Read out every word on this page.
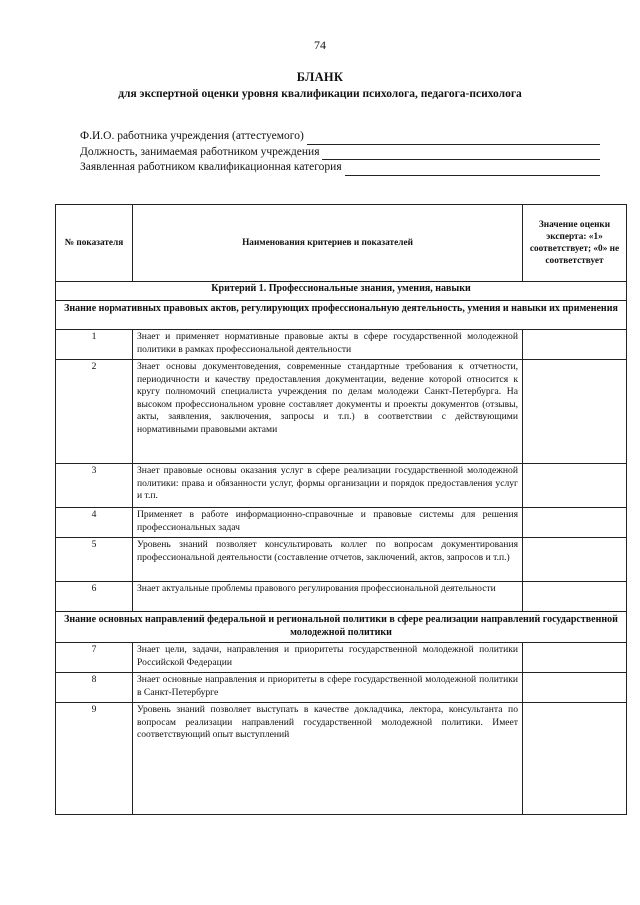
74
БЛАНК
для экспертной оценки уровня квалификации психолога, педагога-психолога
Ф.И.О. работника учреждения (аттестуемого)
Должность, занимаемая работником учреждения
Заявленная работником квалификационная категория
№ показателя	Наименования критериев и показателей	Значение оценки эксперта: «1» соответствует; «0» не соответствует
Критерий 1. Профессиональные знания, умения, навыки		
Знание нормативных правовых актов, регулирующих профессиональную деятельность, умения и навыки их применения		
1	Знает и применяет нормативные правовые акты в сфере государственной молодежной политики в рамках профессиональной деятельности	
2	Знает основы документоведения, современные стандартные требования к отчетности, периодичности и качеству предоставления документации, ведение которой относится к кругу полномочий специалиста учреждения по делам молодежи Санкт-Петербурга. На высоком профессиональном уровне составляет документы и проекты документов (отзывы, акты, заявления, заключения, запросы и т.п.) в соответствии с действующими нормативными правовыми актами	
3	Знает правовые основы оказания услуг в сфере реализации государственной молодежной политики: права и обязанности услуг, формы организации и порядок предоставления услуг и т.п.	
4	Применяет в работе информационно-справочные и правовые системы для решения профессиональных задач	
5	Уровень знаний позволяет консультировать коллег по вопросам документирования профессиональной деятельности (составление отчетов, заключений, актов, запросов и т.п.)	
6	Знает актуальные проблемы правового регулирования профессиональной деятельности	
Знание основных направлений федеральной и региональной политики в сфере реализации направлений государственной молодежной политики		
7	Знает цели, задачи, направления и приоритеты государственной молодежной политики Российской Федерации	
8	Знает основные направления и приоритеты в сфере государственной молодежной политики в Санкт-Петербурге	
9	Уровень знаний позволяет выступать в качестве докладчика, лектора, консультанта по вопросам реализации направлений государственной молодежной политики. Имеет соответствующий опыт выступлений	
